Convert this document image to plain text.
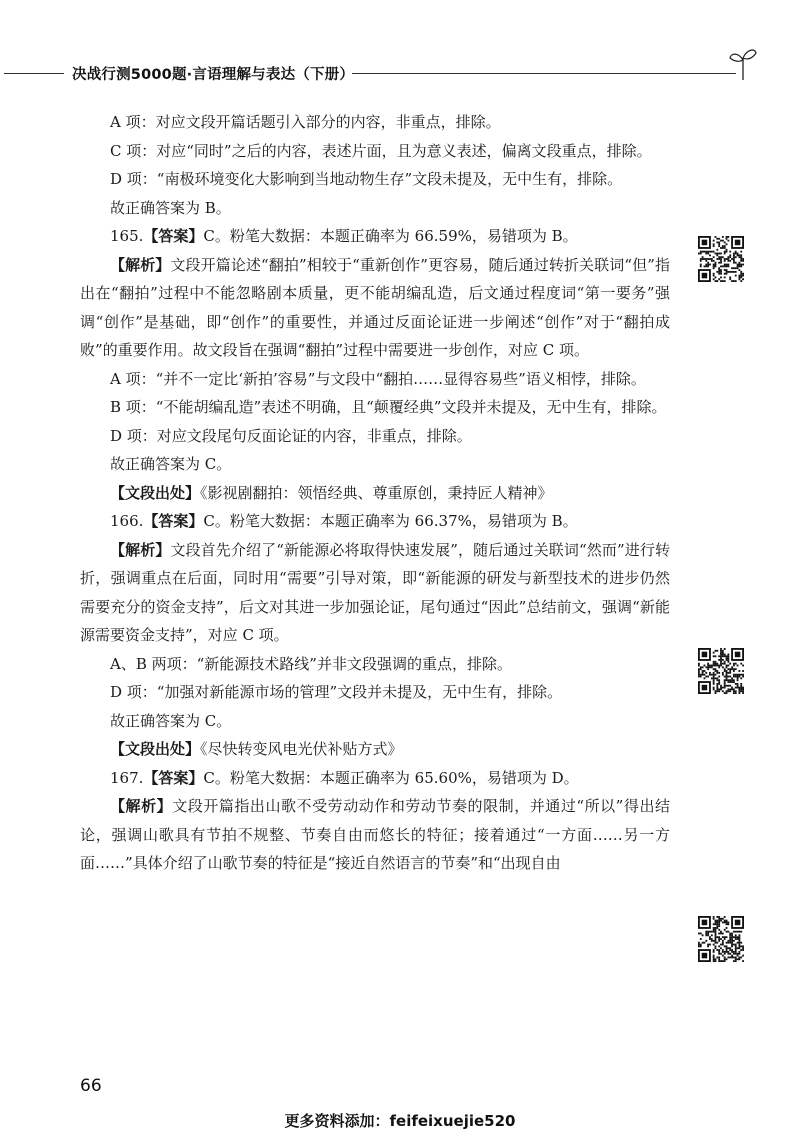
决战行测5000题·言语理解与表达（下册）

A 项：对应文段开篇话题引入部分的内容，非重点，排除。

C 项：对应“同时”之后的内容，表述片面，且为意义表述，偏离文段重点，排除。

D 项：“南极环境变化大影响到当地动物生存”文段未提及，无中生有，排除。

故正确答案为 B。

165.【答案】C。粉笔大数据：本题正确率为 66.59%，易错项为 B。

【解析】文段开篇论述“翻拍”相较于“重新创作”更容易，随后通过转折关联词“但”指出在“翻拍”过程中不能忽略剧本质量，更不能胡编乱造，后文通过程度词“第一要务”强调“创作”是基础，即“创作”的重要性，并通过反面论证进一步阐述“创作”对于“翻拍成败”的重要作用。故文段旨在强调“翻拍”过程中需要进一步创作，对应 C 项。

A 项：“并不一定比‘新拍’容易”与文段中“翻拍……显得容易些”语义相悖，排除。

B 项：“不能胡编乱造”表述不明确，且“颠覆经典”文段并未提及，无中生有，排除。

D 项：对应文段尾句反面论证的内容，非重点，排除。

故正确答案为 C。

【文段出处】《影视剧翻拍：领悟经典、尊重原创，秉持匠人精神》

166.【答案】C。粉笔大数据：本题正确率为 66.37%，易错项为 B。

【解析】文段首先介绍了“新能源必将取得快速发展”，随后通过关联词“然而”进行转折，强调重点在后面，同时用“需要”引导对策，即“新能源的研发与新型技术的进步仍然需要充分的资金支持”，后文对其进一步加强论证，尾句通过“因此”总结前文，强调“新能源需要资金支持”，对应 C 项。

A、B 两项：“新能源技术路线”并非文段强调的重点，排除。

D 项：“加强对新能源市场的管理”文段并未提及，无中生有，排除。

故正确答案为 C。

【文段出处】《尽快转变风电光伏补贴方式》

167.【答案】C。粉笔大数据：本题正确率为 65.60%，易错项为 D。

【解析】文段开篇指出山歌不受劳动动作和劳动节奏的限制，并通过“所以”得出结论，强调山歌具有节拍不规整、节奏自由而悠长的特征；接着通过“一方面……另一方面……”具体介绍了山歌节奏的特征是“接近自然语言的节奏”和“出现自由

66
更多资料添加：feifeixuejie520
